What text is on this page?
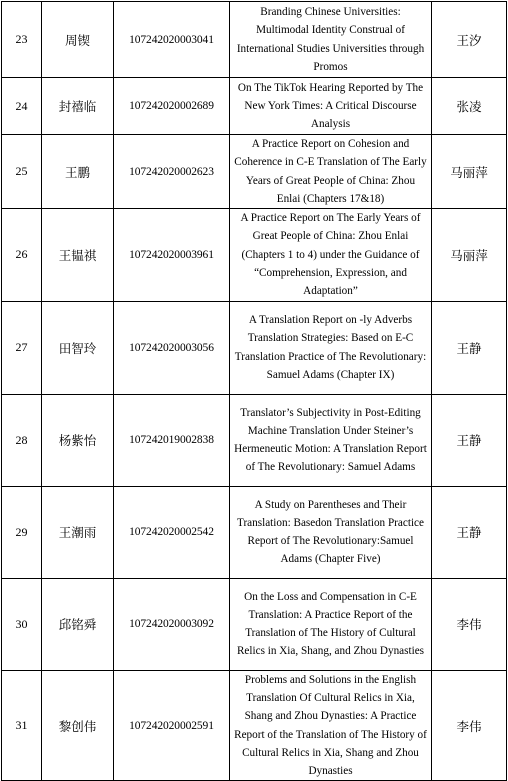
23	周锲	107242020003041	Branding Chinese Universities: Multimodal Identity Construal of International Studies Universities through Promos	王汐
24	封禧临	107242020002689	On The TikTok Hearing Reported by The New York Times: A Critical Discourse Analysis	张凌
25	王鹏	107242020002623	A Practice Report on Cohesion and Coherence in C-E Translation of The Early Years of Great People of China: Zhou Enlai (Chapters 17&18)	马丽萍
26	王韫祺	107242020003961	A Practice Report on The Early Years of Great People of China: Zhou Enlai (Chapters 1 to 4) under the Guidance of “Comprehension, Expression, and Adaptation”	马丽萍
27	田智玲	107242020003056	A Translation Report on -ly Adverbs Translation Strategies: Based on E-C Translation Practice of The Revolutionary: Samuel Adams (Chapter IX)	王静
28	杨紫怡	107242019002838	Translator’s Subjectivity in Post-Editing Machine Translation Under Steiner’s Hermeneutic Motion: A Translation Report of The Revolutionary: Samuel Adams	王静
29	王潮雨	107242020002542	A Study on Parentheses and Their Translation: Basedon Translation Practice Report of The Revolutionary:Samuel Adams (Chapter Five)	王静
30	邱铭舜	107242020003092	On the Loss and Compensation in C-E Translation: A Practice Report of the Translation of The History of Cultural Relics in Xia, Shang, and Zhou Dynasties	李伟
31	黎创伟	107242020002591	Problems and Solutions in the English Translation Of Cultural Relics in Xia, Shang and Zhou Dynasties: A Practice Report of the Translation of The History of Cultural Relics in Xia, Shang and Zhou Dynasties	李伟
